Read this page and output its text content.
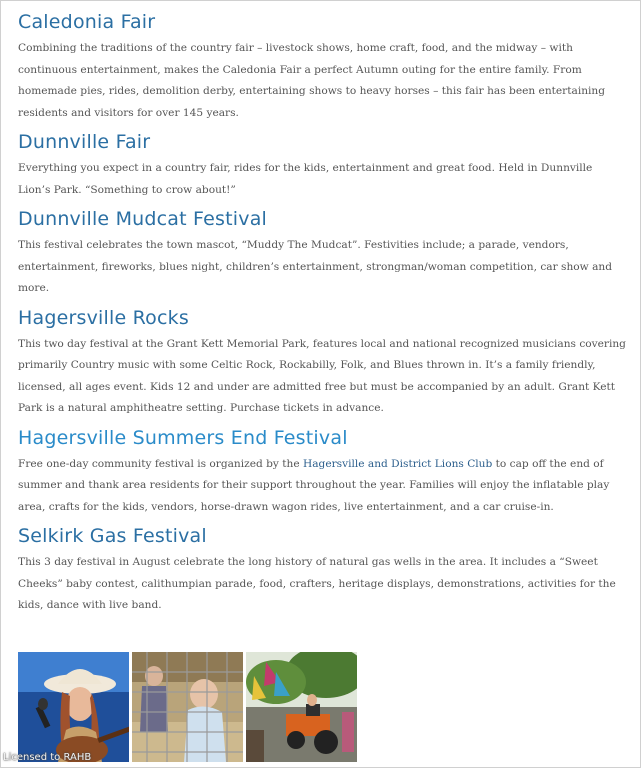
Caledonia Fair

Combining the traditions of the country fair – livestock shows, home craft, food, and the midway – with continuous entertainment, makes the Caledonia Fair a perfect Autumn outing for the entire family. From homemade pies, rides, demolition derby, entertaining shows to heavy horses – this fair has been entertaining residents and visitors for over 145 years.

Dunnville Fair

Everything you expect in a country fair, rides for the kids, entertainment and great food. Held in Dunnville Lion’s Park. “Something to crow about!”

Dunnville Mudcat Festival

This festival celebrates the town mascot, “Muddy The Mudcat”. Festivities include; a parade, vendors, entertainment, fireworks, blues night, children’s entertainment, strongman/woman competition, car show and more.

Hagersville Rocks

This two day festival at the Grant Kett Memorial Park, features local and national recognized musicians covering primarily Country music with some Celtic Rock, Rockabilly, Folk, and Blues thrown in. It’s a family friendly, licensed, all ages event. Kids 12 and under are admitted free but must be accompanied by an adult. Grant Kett Park is a natural amphitheatre setting. Purchase tickets in advance.

Hagersville Summers End Festival

Free one-day community festival is organized by the Hagersville and District Lions Club to cap off the end of summer and thank area residents for their support throughout the year. Families will enjoy the inflatable play area, crafts for the kids, vendors, horse-drawn wagon rides, live entertainment, and a car cruise-in.

Selkirk Gas Festival

This 3 day festival in August celebrate the long history of natural gas wells in the area. It includes a “Sweet Cheeks” baby contest, calithumpian parade, food, crafters, heritage displays, demonstrations, activities for the kids, dance with live band.

Licensed to RAHB
